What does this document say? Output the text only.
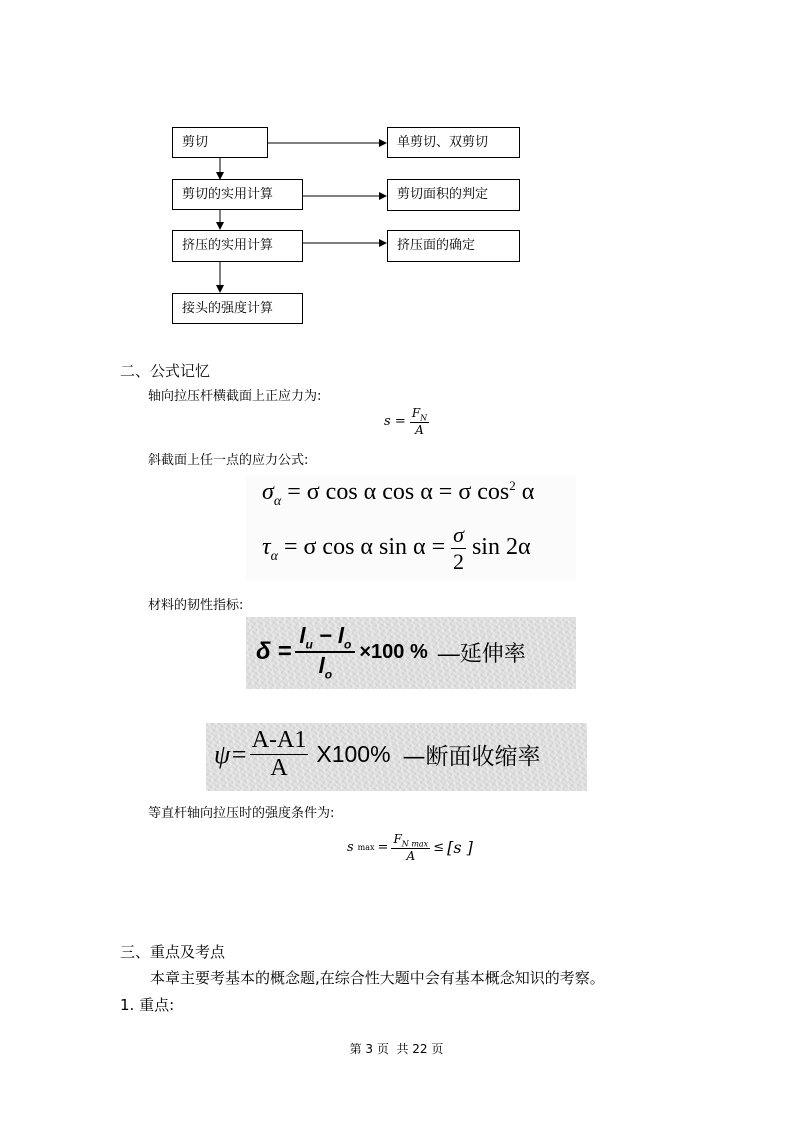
剪切
剪切的实用计算
挤压的实用计算
接头的强度计算
单剪切、双剪切
剪切面积的判定
挤压面的确定
二、公式记忆
轴向拉压杆横截面上正应力为:
$s = \frac{F_N}{A}$
斜截面上任一点的应力公式:
$\sigma_\alpha = \sigma$ cos α cos α = σ $\cos^2 \alpha$
$\tau_\alpha = \sigma$ cos α $\sin \alpha = \frac{\sigma}{2}$ sin 2α
材料的韧性指标:
$\delta = \frac{l_u - l_o}{l_o} \times 100$ % —延伸率
$\psi= \frac{A-A1}{A} X100\%$ —断面收缩率
等直杆轴向拉压时的强度条件为:
s $\max = \frac{F_{N max}}{A} \le [s$ ]
三、重点及考点
本章主要考基本的概念题,在综合性大题中会有基本概念知识的考察。
1. 重点:
第 3 页  共 22 页
